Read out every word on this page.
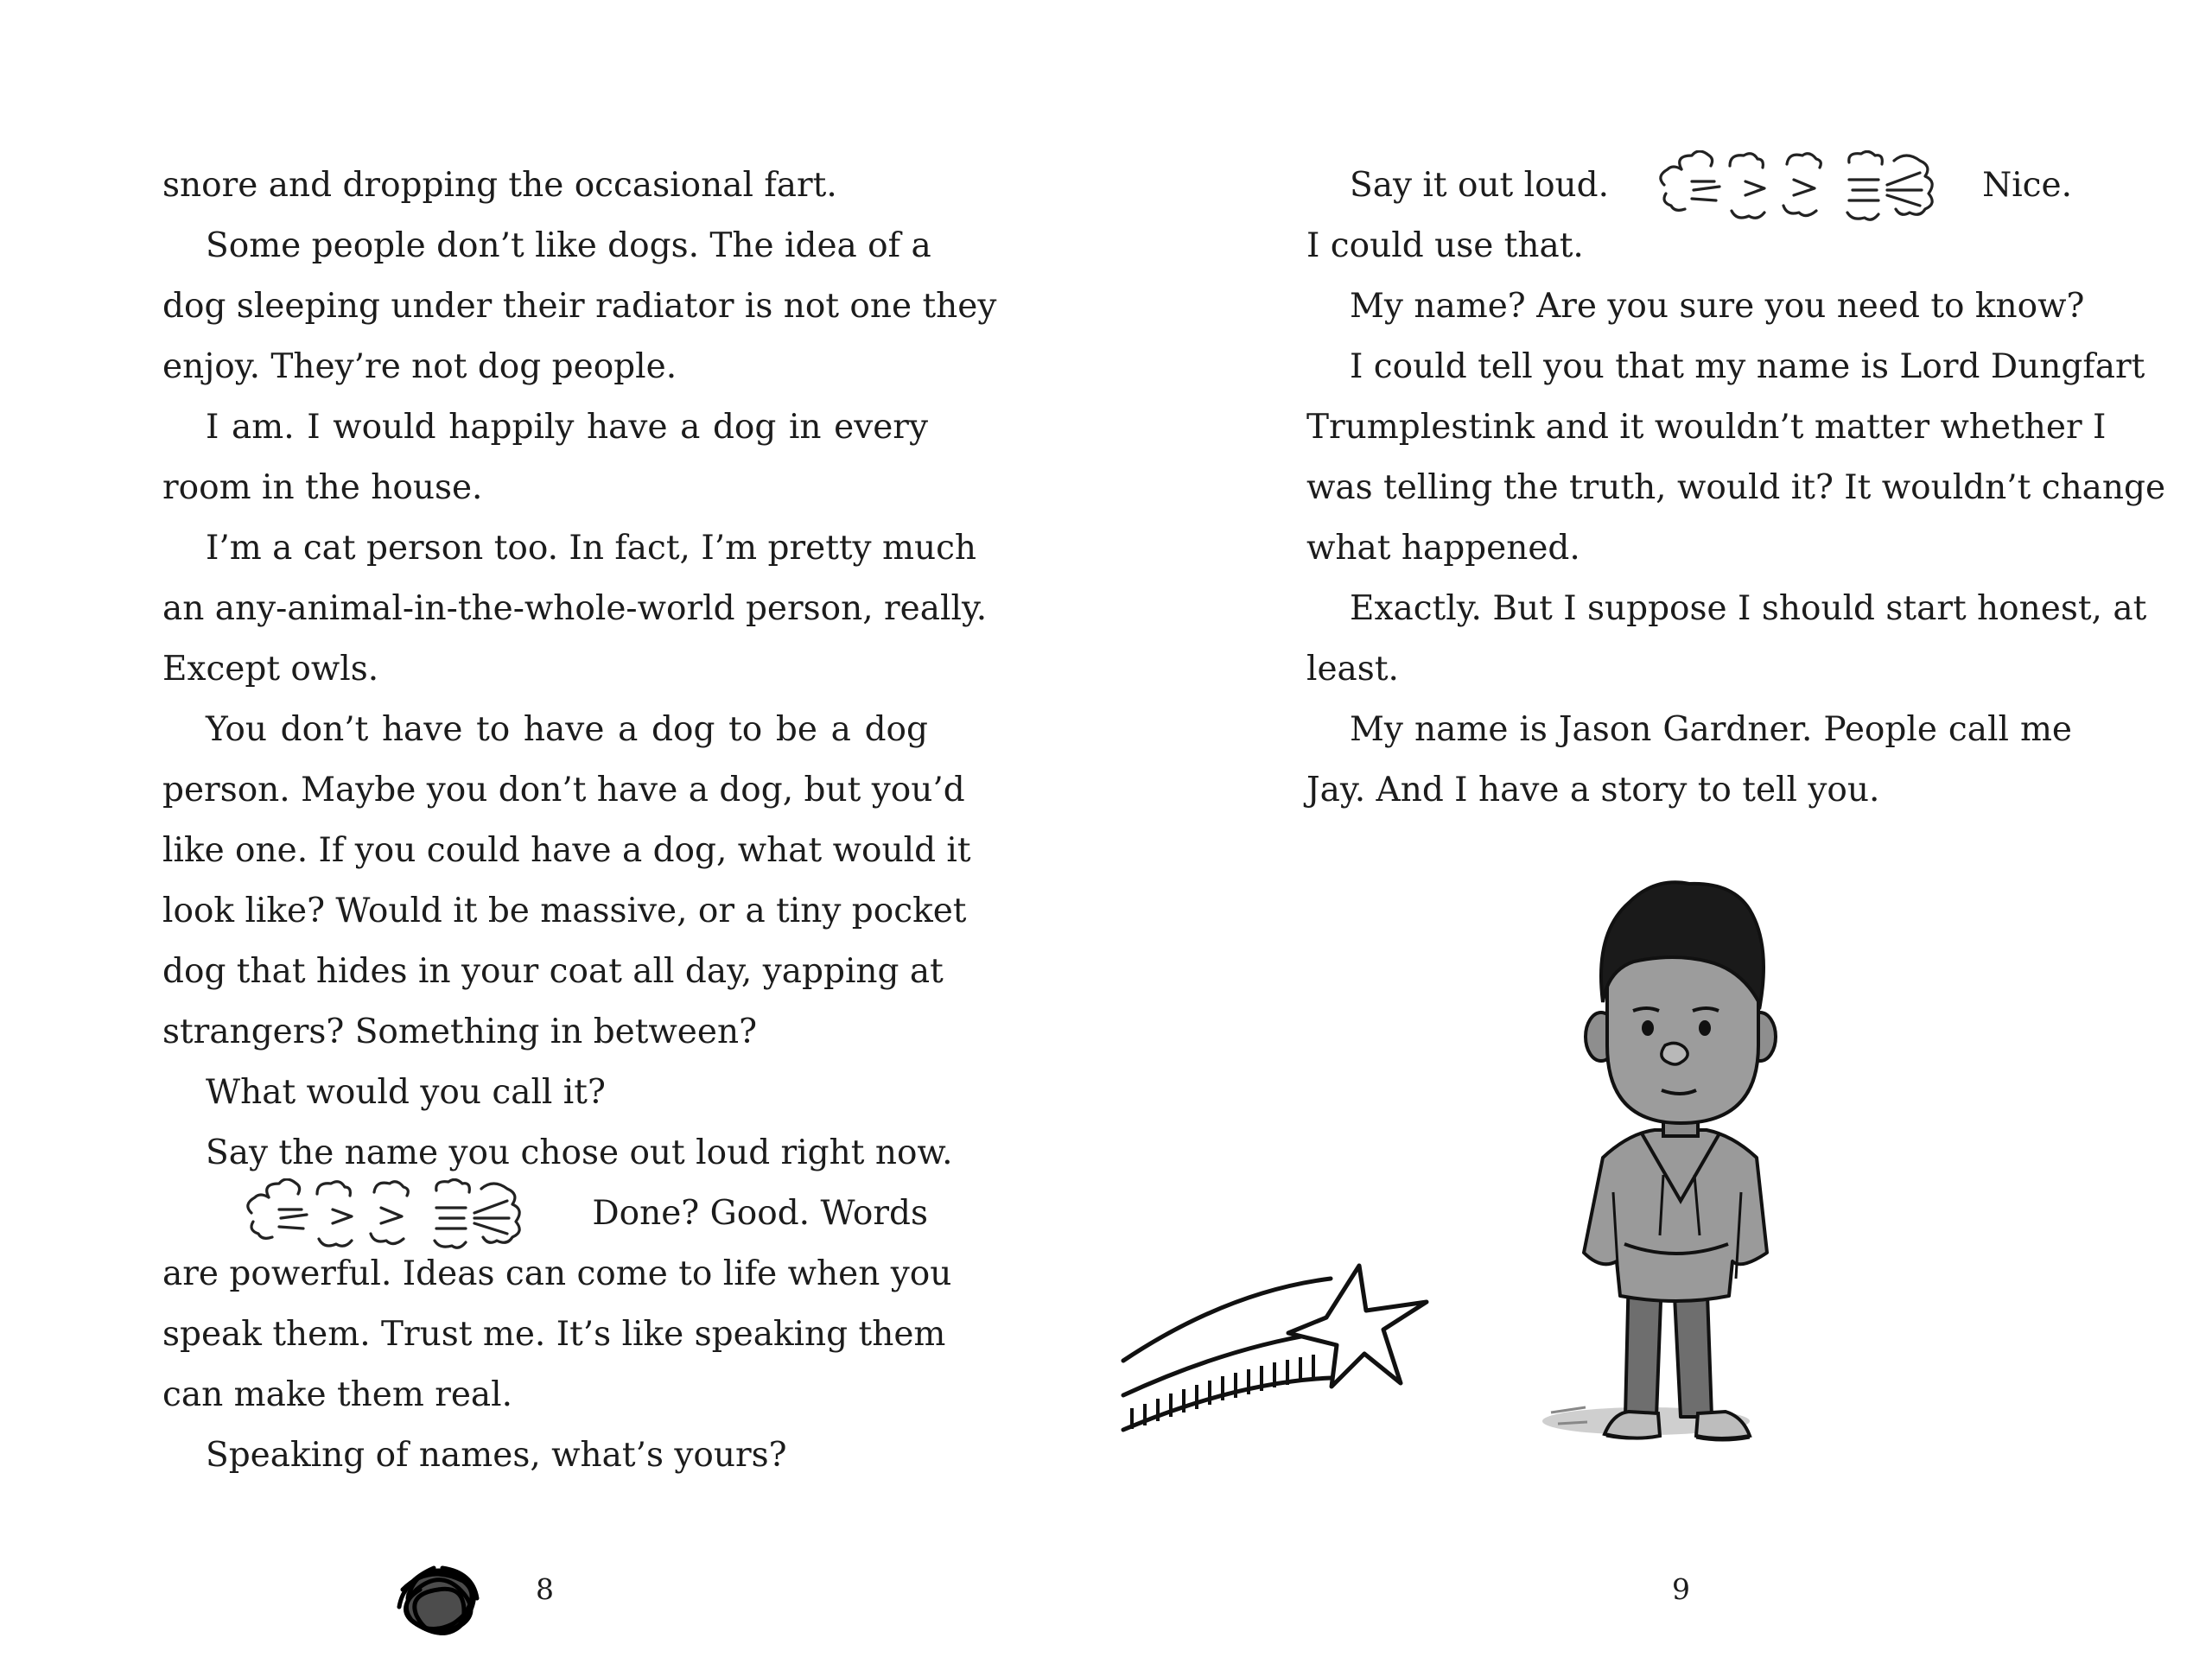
snore and dropping the occasional fart.
Some people don’t like dogs. The idea of a
dog sleeping under their radiator is not one they
enjoy. They’re not dog people.
I am. I would happily have a dog in every
room in the house.
I’m a cat person too. In fact, I’m pretty much
an any-animal-in-the-whole-world person, really.
Except owls.
You don’t have to have a dog to be a dog
person. Maybe you don’t have a dog, but you’d
like one. If you could have a dog, what would it
look like? Would it be massive, or a tiny pocket
dog that hides in your coat all day, yapping at
strangers? Something in between?
What would you call it?
Say the name you chose out loud right now.
Done? Good. Words
are powerful. Ideas can come to life when you
speak them. Trust me. It’s like speaking them
can make them real.
Speaking of names, what’s yours?
8
Say it out loud.	Nice.
I could use that.
My name? Are you sure you need to know?
I could tell you that my name is Lord Dungfart
Trumplestink and it wouldn’t matter whether I
was telling the truth, would it? It wouldn’t change
what happened.
Exactly. But I suppose I should start honest, at
least.
My name is Jason Gardner. People call me
Jay. And I have a story to tell you.
9
